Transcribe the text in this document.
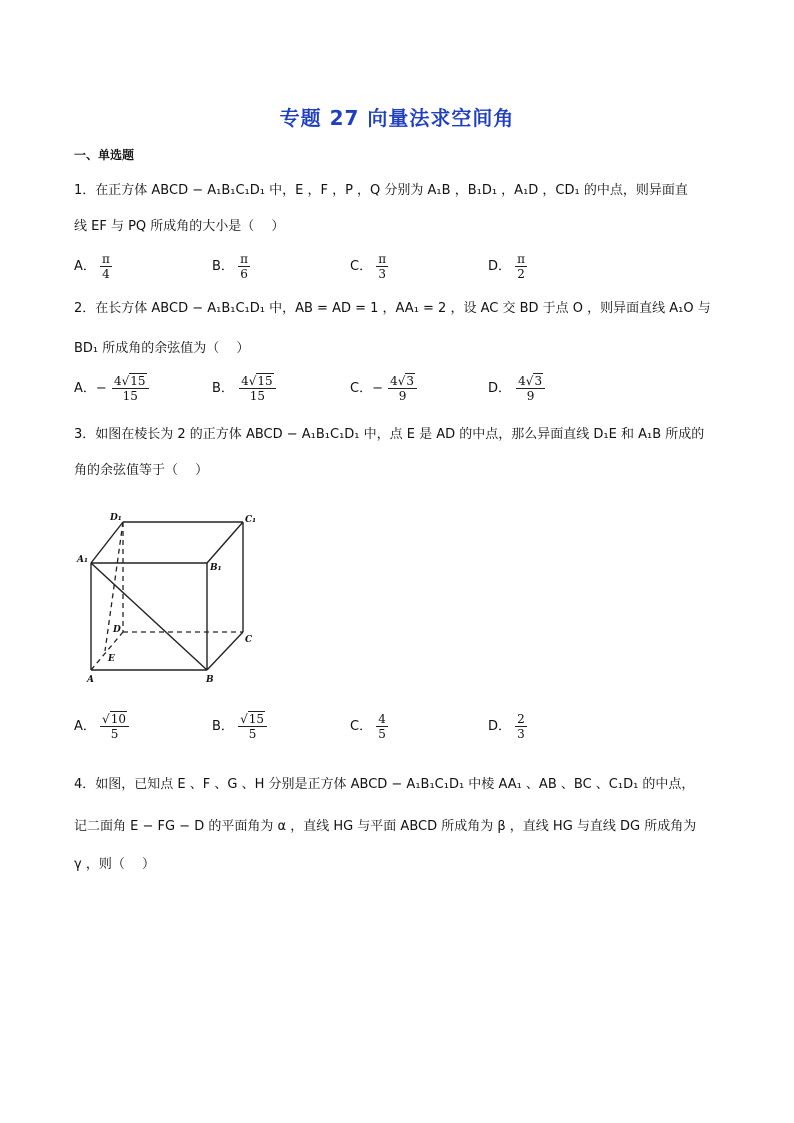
专题 27 向量法求空间角
一、单选题
1．在正方体 ABCD − A₁B₁C₁D₁ 中，E ，F ，P ，Q 分别为 A₁B ，B₁D₁ ，A₁D ，CD₁ 的中点，则异面直
线 EF 与 PQ 所成角的大小是（　 ）
A． $\frac{\pi}{4}$	B． $\frac{\pi}{6}$	C． $\frac{\pi}{3}$	D． $\frac{\pi}{2}$
2．在长方体 ABCD − A₁B₁C₁D₁ 中，AB = AD = 1 ，AA₁ = 2 ，设 AC 交 BD 于点 O ，则异面直线 A₁O 与
BD₁ 所成角的余弦值为（　 ）
A．− $\frac{4√15}{15}$	B． $\frac{4√15}{15}$	C．− $\frac{4√3}{9}$	D． $\frac{4√3}{9}$
3．如图在棱长为 2 的正方体 ABCD − A₁B₁C₁D₁ 中，点 E 是 AD 的中点，那么异面直线 D₁E 和 A₁B 所成的
角的余弦值等于（　 ）
D₁	C₁
A₁
B₁
D
C
E
A	B
A． $\frac{√10}{5}$	B． $\frac{√15}{5}$	C． $\frac{4}{5}$	D． $\frac{2}{3}$
4．如图，已知点 E 、F 、G 、H 分别是正方体 ABCD − A₁B₁C₁D₁ 中棱 AA₁ 、AB 、BC 、C₁D₁ 的中点，
记二面角 E − FG − D 的平面角为 α ，直线 HG 与平面 ABCD 所成角为 β ，直线 HG 与直线 DG 所成角为
γ ，则（　 ）
